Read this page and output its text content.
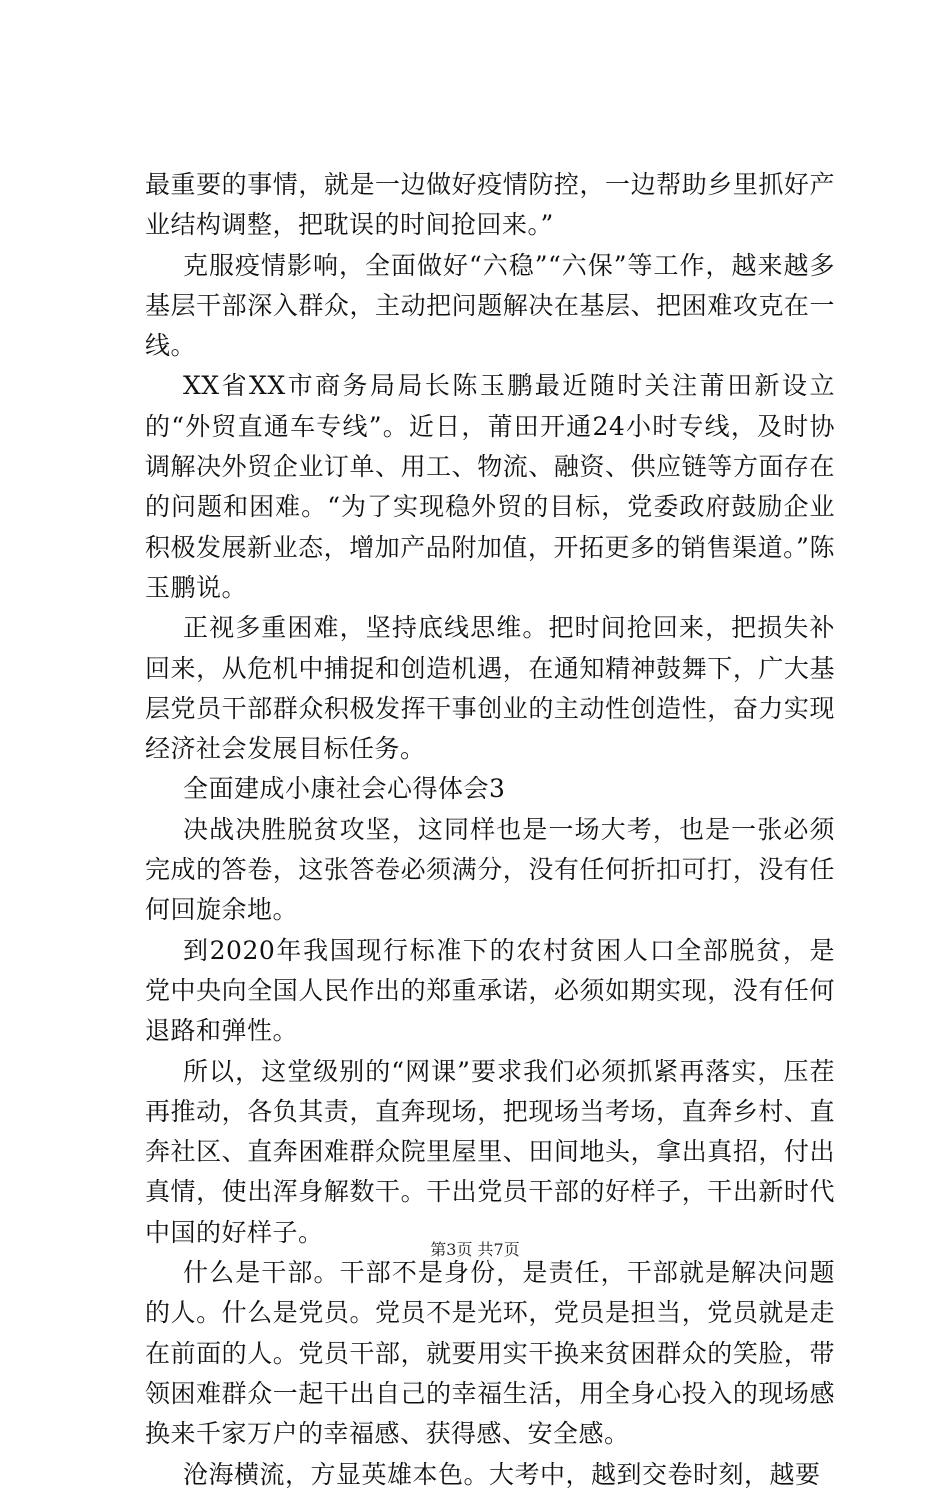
最重要的事情，就是一边做好疫情防控，一边帮助乡里抓好产业结构调整，把耽误的时间抢回来。”

克服疫情影响，全面做好“六稳”“六保”等工作，越来越多基层干部深入群众，主动把问题解决在基层、把困难攻克在一线。

XX省XX市商务局局长陈玉鹏最近随时关注莆田新设立的“外贸直通车专线”。近日，莆田开通24小时专线，及时协调解决外贸企业订单、用工、物流、融资、供应链等方面存在的问题和困难。“为了实现稳外贸的目标，党委政府鼓励企业积极发展新业态，增加产品附加值，开拓更多的销售渠道。”陈玉鹏说。

正视多重困难，坚持底线思维。把时间抢回来，把损失补回来，从危机中捕捉和创造机遇，在通知精神鼓舞下，广大基层党员干部群众积极发挥干事创业的主动性创造性，奋力实现经济社会发展目标任务。

全面建成小康社会心得体会3

决战决胜脱贫攻坚，这同样也是一场大考，也是一张必须完成的答卷，这张答卷必须满分，没有任何折扣可打，没有任何回旋余地。

到2020年我国现行标准下的农村贫困人口全部脱贫，是党中央向全国人民作出的郑重承诺，必须如期实现，没有任何退路和弹性。

所以，这堂级别的“网课”要求我们必须抓紧再落实，压茬再推动，各负其责，直奔现场，把现场当考场，直奔乡村、直奔社区、直奔困难群众院里屋里、田间地头，拿出真招，付出真情，使出浑身解数干。干出党员干部的好样子，干出新时代中国的好样子。

什么是干部。干部不是身份，是责任，干部就是解决问题的人。什么是党员。党员不是光环，党员是担当，党员就是走在前面的人。党员干部，就要用实干换来贫困群众的笑脸，带领困难群众一起干出自己的幸福生活，用全身心投入的现场感换来千家万户的幸福感、获得感、安全感。

沧海横流，方显英雄本色。大考中，越到交卷时刻，越要

第3页 共7页
